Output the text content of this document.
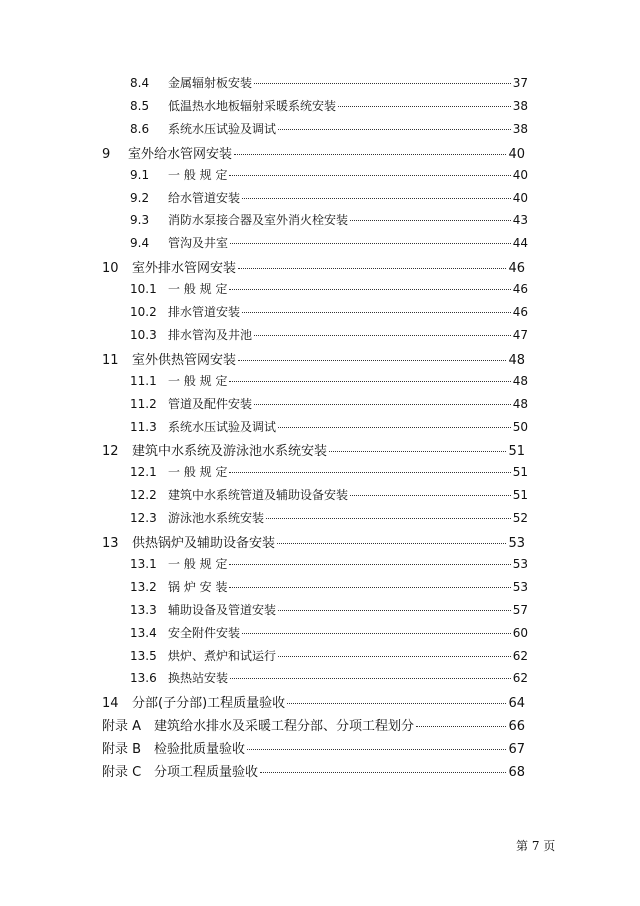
8.4	金属辐射板安装	37
8.5	低温热水地板辐射采暖系统安装	38
8.6	系统水压试验及调试	38
9	室外给水管网安装	40
9.1	一 般 规 定	40
9.2	给水管道安装	40
9.3	消防水泵接合器及室外消火栓安装	43
9.4	管沟及井室	44
10	室外排水管网安装	46
10.1 一 般 规 定	46
10.2 排水管道安装	46
10.3 排水管沟及井池	47
11	室外供热管网安装	48
11.1 一 般 规 定	48
11.2 管道及配件安装	48
11.3 系统水压试验及调试	50
12	建筑中水系统及游泳池水系统安装	51
12.1 一 般 规 定	51
12.2 建筑中水系统管道及辅助设备安装	51
12.3 游泳池水系统安装	52
13	供热锅炉及辅助设备安装	53
13.1 一 般 规 定	53
13.2 锅 炉 安 装	53
13.3 辅助设备及管道安装	57
13.4 安全附件安装	60
13.5 烘炉、煮炉和试运行	62
13.6 换热站安装	62
14	分部(子分部)工程质量验收	64
附录 A 建筑给水排水及采暖工程分部、分项工程划分	66
附录 B 检验批质量验收	67
附录 C 分项工程质量验收	68
第 7 页
